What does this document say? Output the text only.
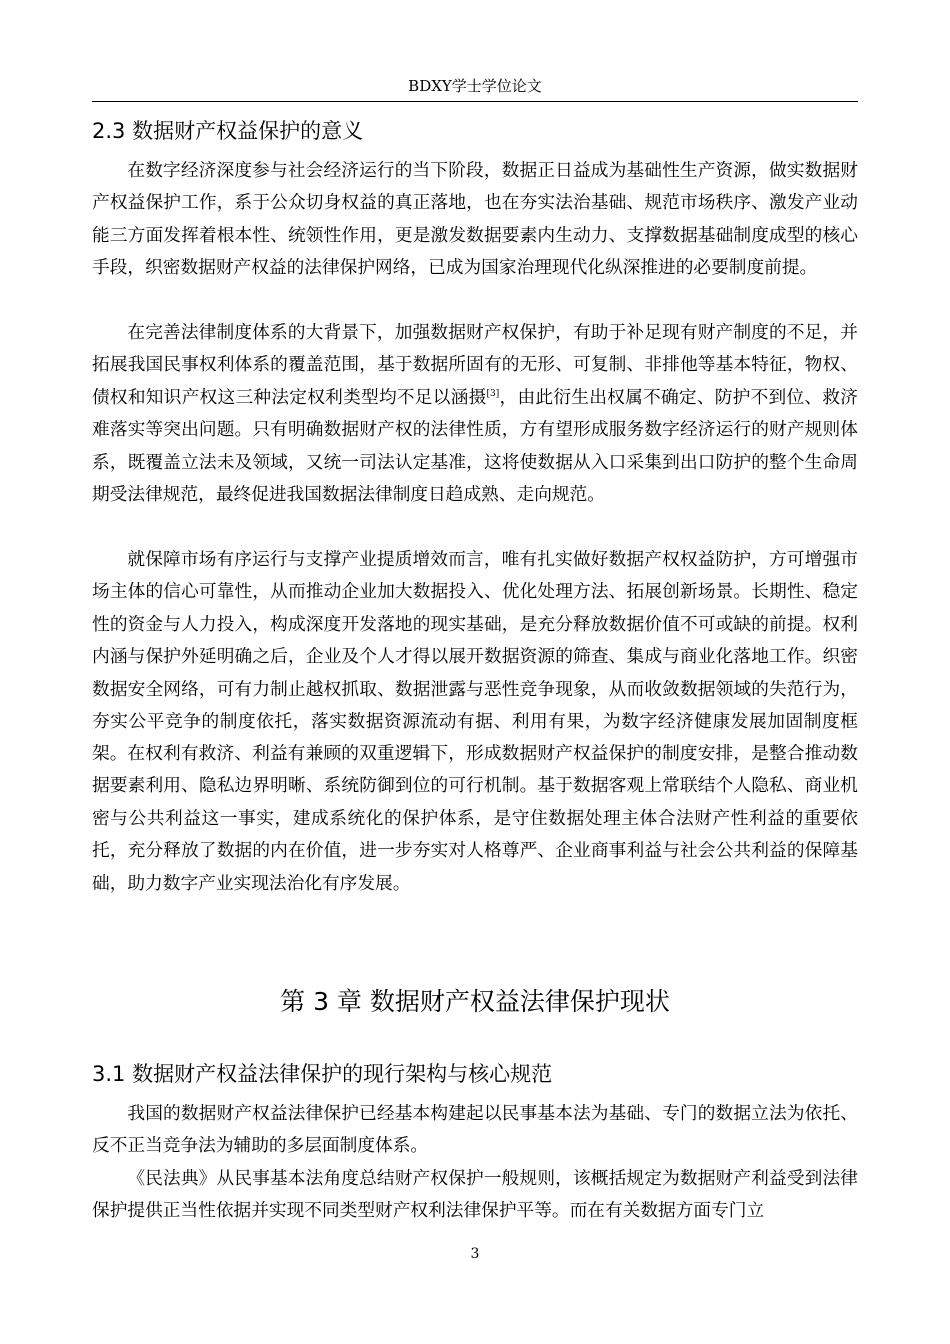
BDXY学士学位论文
2.3 数据财产权益保护的意义

在数字经济深度参与社会经济运行的当下阶段，数据正日益成为基础性生产资源，做实数据财产权益保护工作，系于公众切身权益的真正落地，也在夯实法治基础、规范市场秩序、激发产业动能三方面发挥着根本性、统领性作用，更是激发数据要素内生动力、支撑数据基础制度成型的核心手段，织密数据财产权益的法律保护网络，已成为国家治理现代化纵深推进的必要制度前提。

在完善法律制度体系的大背景下，加强数据财产权保护，有助于补足现有财产制度的不足，并拓展我国民事权利体系的覆盖范围，基于数据所固有的无形、可复制、非排他等基本特征，物权、债权和知识产权这三种法定权利类型均不足以涵摄[3]，由此衍生出权属不确定、防护不到位、救济难落实等突出问题。只有明确数据财产权的法律性质，方有望形成服务数字经济运行的财产规则体系，既覆盖立法未及领域，又统一司法认定基准，这将使数据从入口采集到出口防护的整个生命周期受法律规范，最终促进我国数据法律制度日趋成熟、走向规范。

就保障市场有序运行与支撑产业提质增效而言，唯有扎实做好数据产权权益防护，方可增强市场主体的信心可靠性，从而推动企业加大数据投入、优化处理方法、拓展创新场景。长期性、稳定性的资金与人力投入，构成深度开发落地的现实基础，是充分释放数据价值不可或缺的前提。权利内涵与保护外延明确之后，企业及个人才得以展开数据资源的筛查、集成与商业化落地工作。织密数据安全网络，可有力制止越权抓取、数据泄露与恶性竞争现象，从而收敛数据领域的失范行为，夯实公平竞争的制度依托，落实数据资源流动有据、利用有果，为数字经济健康发展加固制度框架。 在权利有救济、利益有兼顾的双重逻辑下，形成数据财产权益保护的制度安排，是整合推动数据要素利用、隐私边界明晰、系统防御到位的可行机制。基于数据客观上常联结个人隐私、商业机密与公共利益这一事实，建成系统化的保护体系，是守住数据处理主体合法财产性利益的重要依托，充分释放了数据的内在价值，进一步夯实对人格尊严、企业商事利益与社会公共利益的保障基础，助力数字产业实现法治化有序发展。

第 3 章 数据财产权益法律保护现状
3.1 数据财产权益法律保护的现行架构与核心规范

我国的数据财产权益法律保护已经基本构建起以民事基本法为基础、专门的数据立法为依托、反不正当竞争法为辅助的多层面制度体系。

《民法典》从民事基本法角度总结财产权保护一般规则，该概括规定为数据财产利益受到法律保护提供正当性依据并实现不同类型财产权利法律保护平等。而在有关数据方面专门立

3
